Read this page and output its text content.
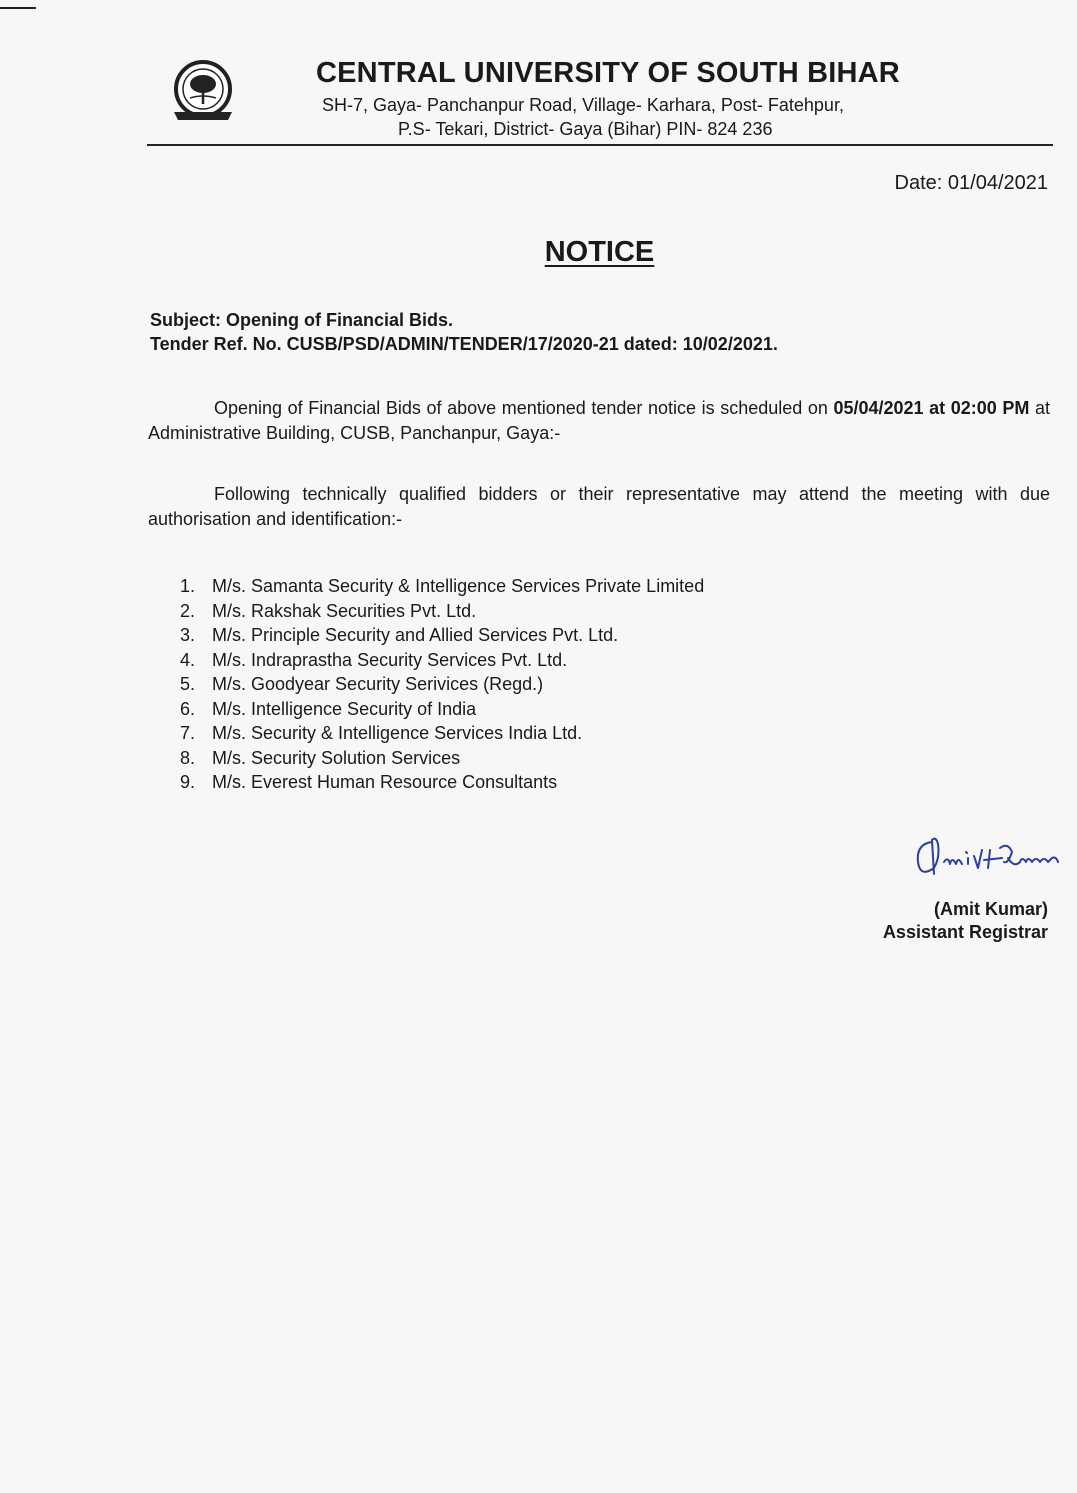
CENTRAL UNIVERSITY OF SOUTH BIHAR
SH-7, Gaya- Panchanpur Road, Village- Karhara, Post- Fatehpur,
P.S- Tekari, District- Gaya (Bihar) PIN- 824 236
Date: 01/04/2021
NOTICE
Subject: Opening of Financial Bids.
Tender Ref. No. CUSB/PSD/ADMIN/TENDER/17/2020-21 dated: 10/02/2021.
Opening of Financial Bids of above mentioned tender notice is scheduled on 05/04/2021 at 02:00 PM at Administrative Building, CUSB, Panchanpur, Gaya:-
Following technically qualified bidders or their representative may attend the meeting with due authorisation and identification:-
1. M/s. Samanta Security & Intelligence Services Private Limited
2. M/s. Rakshak Securities Pvt. Ltd.
3. M/s. Principle Security and Allied Services Pvt. Ltd.
4. M/s. Indraprastha Security Services Pvt. Ltd.
5. M/s. Goodyear Security Serivices (Regd.)
6. M/s. Intelligence Security of India
7. M/s. Security & Intelligence Services India Ltd.
8. M/s. Security Solution Services
9. M/s. Everest Human Resource Consultants
(Amit Kumar)
Assistant Registrar
